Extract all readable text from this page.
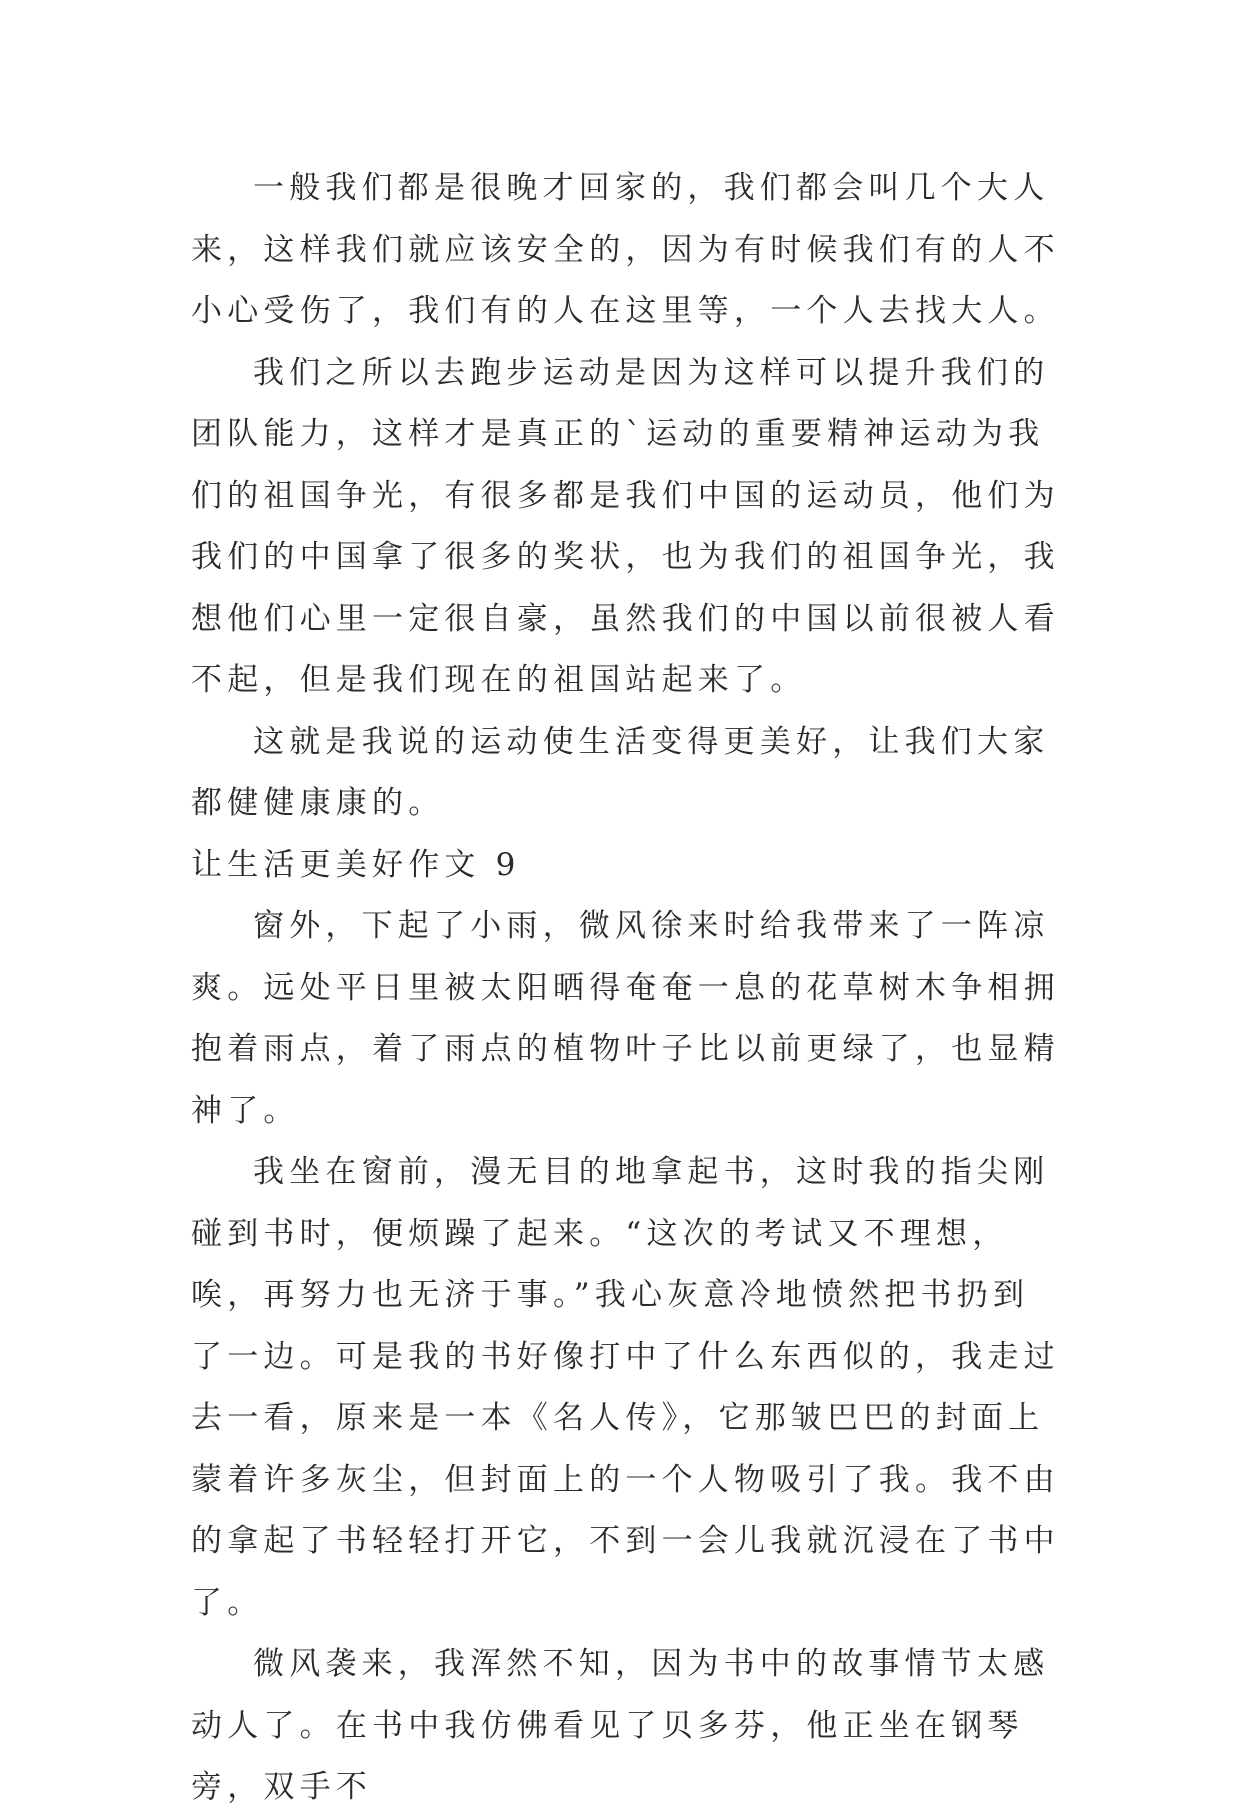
一般我们都是很晚才回家的，我们都会叫几个大人来，这样我们就应该安全的，因为有时候我们有的人不小心受伤了，我们有的人在这里等，一个人去找大人。

我们之所以去跑步运动是因为这样可以提升我们的团队能力，这样才是真正的`运动的重要精神运动为我们的祖国争光，有很多都是我们中国的运动员，他们为我们的中国拿了很多的奖状，也为我们的祖国争光，我想他们心里一定很自豪，虽然我们的中国以前很被人看不起，但是我们现在的祖国站起来了。

这就是我说的运动使生活变得更美好，让我们大家都健健康康的。

让生活更美好作文 9

窗外，下起了小雨，微风徐来时给我带来了一阵凉爽。远处平日里被太阳晒得奄奄一息的花草树木争相拥抱着雨点，着了雨点的植物叶子比以前更绿了，也显精神了。

我坐在窗前，漫无目的地拿起书，这时我的指尖刚碰到书时，便烦躁了起来。“这次的考试又不理想，唉，再努力也无济于事。”我心灰意冷地愤然把书扔到了一边。可是我的书好像打中了什么东西似的，我走过去一看，原来是一本《名人传》，它那皱巴巴的封面上蒙着许多灰尘，但封面上的一个人物吸引了我。我不由的拿起了书轻轻打开它，不到一会儿我就沉浸在了书中了。

微风袭来，我浑然不知，因为书中的故事情节太感动人了。在书中我仿佛看见了贝多芬，他正坐在钢琴旁，双手不
